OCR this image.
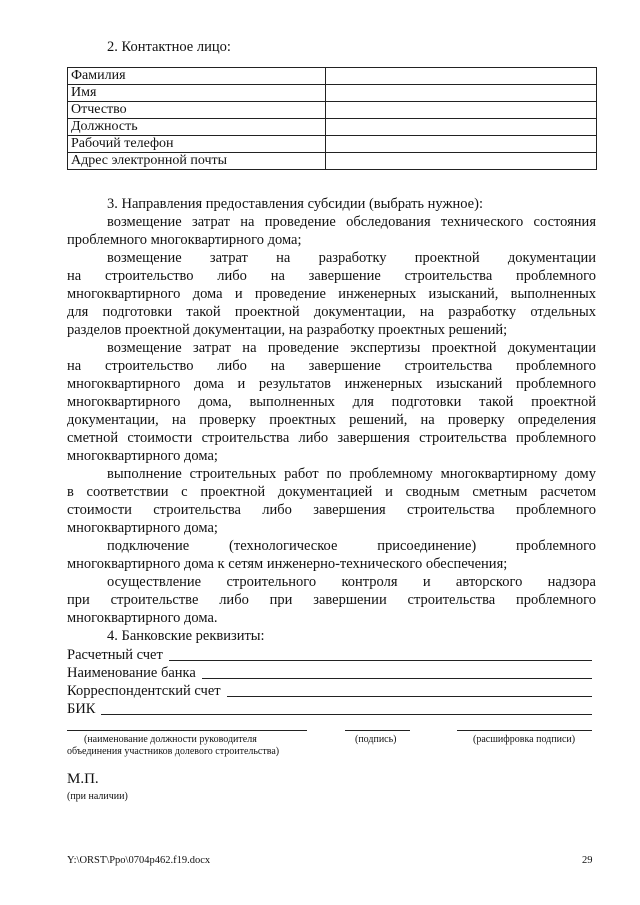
2. Контактное лицо:
Фамилия	
Имя	
Отчество	
Должность	
Рабочий телефон	
Адрес электронной почты	
3. Направления предоставления субсидии (выбрать нужное):
возмещение затрат на проведение обследования технического состояния
проблемного многоквартирного дома;
возмещение затрат на разработку проектной документации
на строительство либо на завершение строительства проблемного
многоквартирного дома и проведение инженерных изысканий, выполненных
для подготовки такой проектной документации, на разработку отдельных
разделов проектной документации, на разработку проектных решений;
возмещение затрат на проведение экспертизы проектной документации
на строительство либо на завершение строительства проблемного
многоквартирного дома и результатов инженерных изысканий проблемного
многоквартирного дома, выполненных для подготовки такой проектной
документации, на проверку проектных решений, на проверку определения
сметной стоимости строительства либо завершения строительства проблемного
многоквартирного дома;
выполнение строительных работ по проблемному многоквартирному дому
в соответствии с проектной документацией и сводным сметным расчетом
стоимости строительства либо завершения строительства проблемного
многоквартирного дома;
подключение (технологическое присоединение) проблемного
многоквартирного дома к сетям инженерно-технического обеспечения;
осуществление строительного контроля и авторского надзора
при строительстве либо при завершении строительства проблемного
многоквартирного дома.
4. Банковские реквизиты:
Расчетный счет
Наименование банка
Корреспондентский счет
БИК
(наименование должности руководителя
объединения участников долевого строительства)
(подпись)	(расшифровка подписи)
М.П.
(при наличии)
Y:\ORST\Ppo\0704p462.f19.docx	29
